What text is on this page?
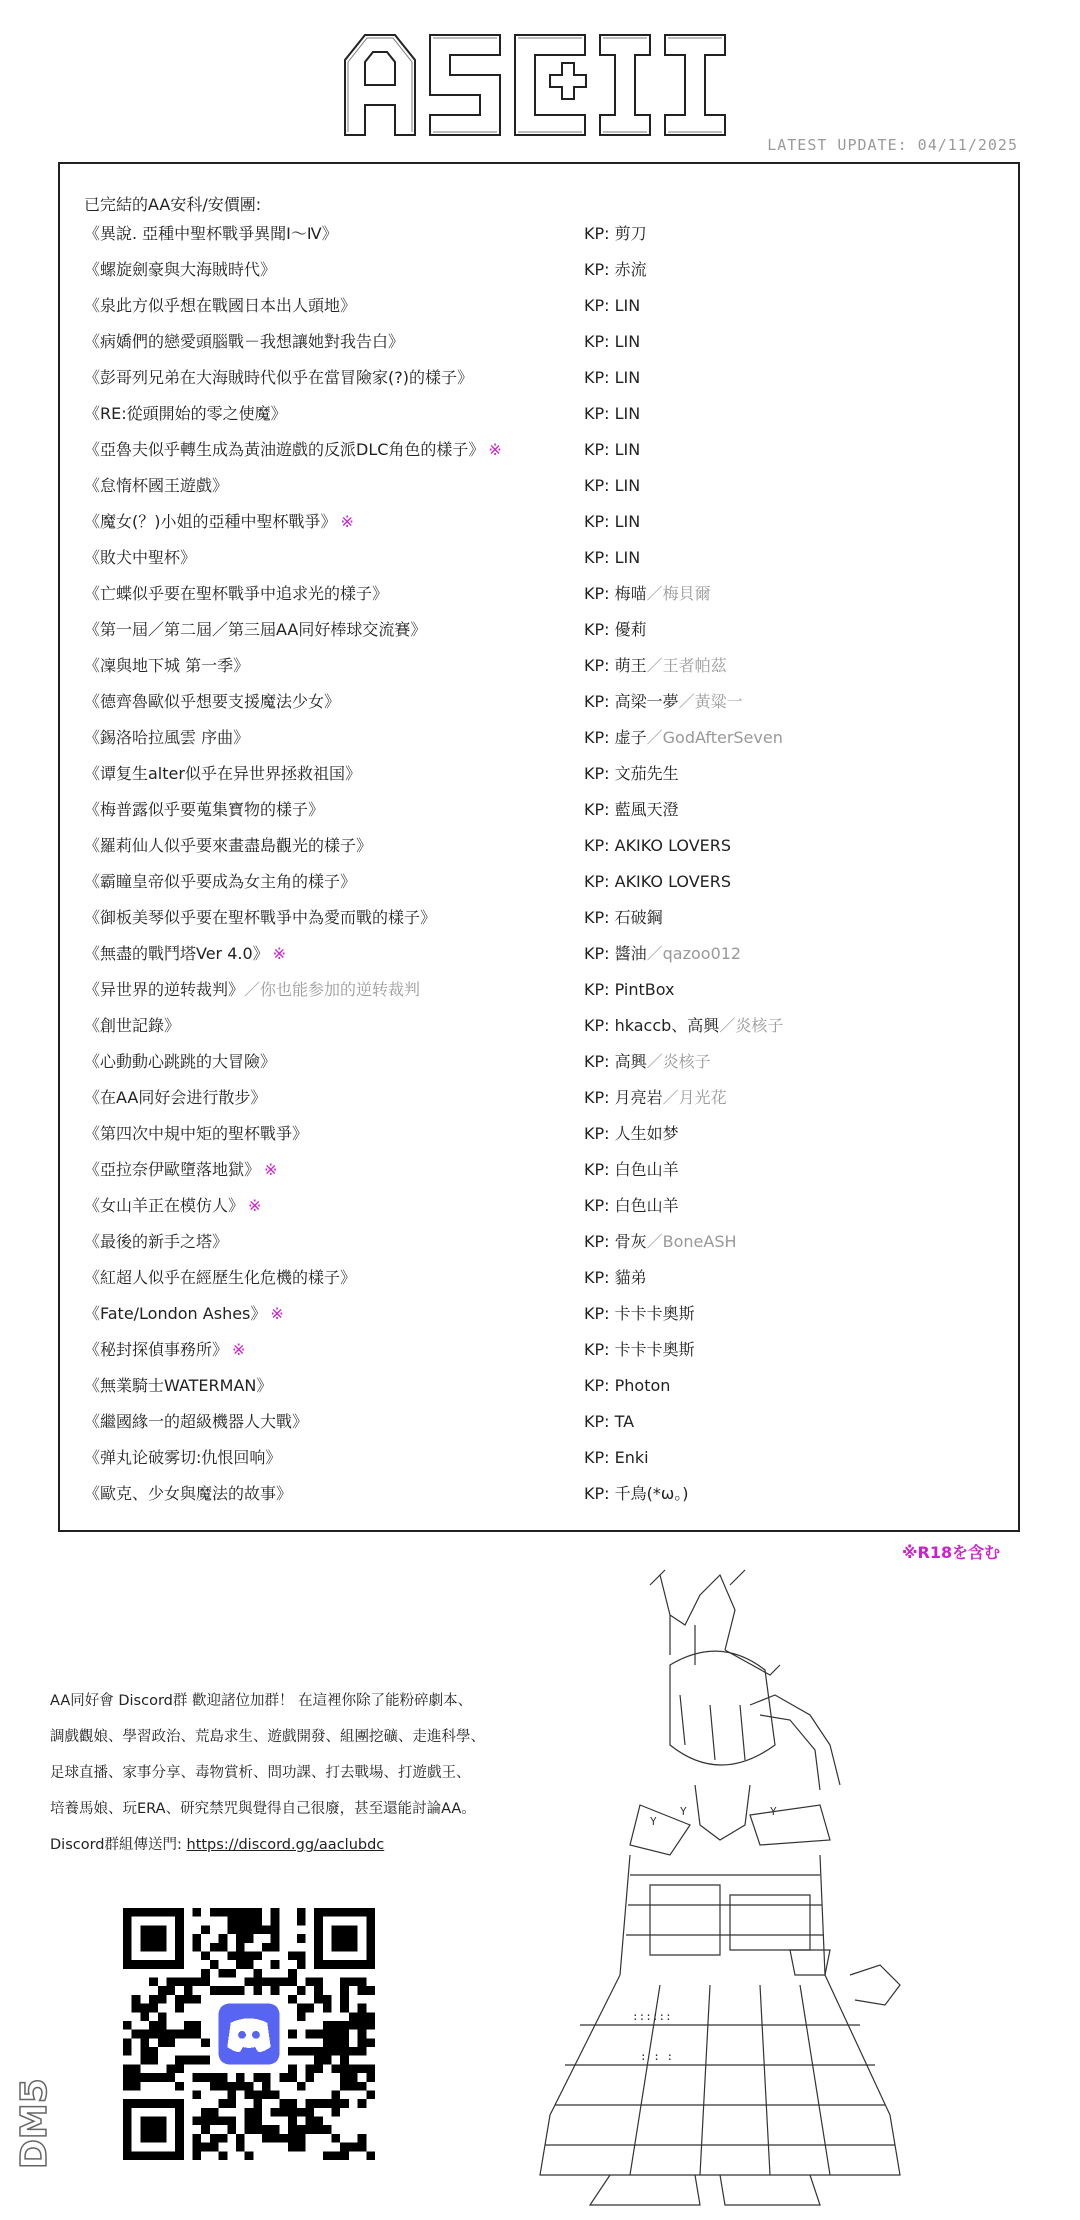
LATEST UPDATE: 04/11/2025
已完結的AA安科/安價團:
《異說. 亞種中聖杯戰爭異聞Ⅰ～Ⅳ》	KP: 剪刀
《螺旋劍豪與大海賊時代》	KP: 赤流
《泉此方似乎想在戰國日本出人頭地》	KP: LIN
《病嬌們的戀愛頭腦戰－我想讓她對我告白》	KP: LIN
《彭哥列兄弟在大海賊時代似乎在當冒險家(?)的樣子》	KP: LIN
《RE:從頭開始的零之使魔》	KP: LIN
《亞魯夫似乎轉生成為黃油遊戲的反派DLC角色的樣子》 ※	KP: LIN
《怠惰杯國王遊戲》	KP: LIN
《魔女(？)小姐的亞種中聖杯戰爭》 ※	KP: LIN
《敗犬中聖杯》	KP: LIN
《亡蝶似乎要在聖杯戰爭中追求光的樣子》	KP: 梅喵／梅貝爾
《第一屆／第二屆／第三屆AA同好棒球交流賽》	KP: 優莉
《凜與地下城 第一季》	KP: 萌王／王者帕茲
《德齊魯歐似乎想要支援魔法少女》	KP: 高梁一夢／黃粱一
《錫洛哈拉風雲 序曲》	KP: 虚子／GodAfterSeven
《谭复生alter似乎在异世界拯救祖国》	KP: 文茄先生
《梅普露似乎要蒐集寶物的樣子》	KP: 藍風天澄
《羅莉仙人似乎要來畫盡島觀光的樣子》	KP: AKIKO LOVERS
《霸瞳皇帝似乎要成為女主角的樣子》	KP: AKIKO LOVERS
《御板美琴似乎要在聖杯戰爭中為愛而戰的樣子》	KP: 石破鋼
《無盡的戰鬥塔Ver 4.0》 ※	KP: 醬油／qazoo012
《异世界的逆转裁判》／你也能参加的逆转裁判	KP: PintBox
《創世記錄》	KP: hkaccb、高興／炎核子
《心動動心跳跳的大冒險》	KP: 高興／炎核子
《在AA同好会进行散步》	KP: 月亮岩／月光花
《第四次中規中矩的聖杯戰爭》	KP: 人生如梦
《亞拉奈伊歐墮落地獄》 ※	KP: 白色山羊
《女山羊正在模仿人》 ※	KP: 白色山羊
《最後的新手之塔》	KP: 骨灰／BoneASH
《紅超人似乎在經歷生化危機的樣子》	KP: 貓弟
《Fate/London Ashes》 ※	KP: 卡卡卡奧斯
《秘封探偵事務所》 ※	KP: 卡卡卡奧斯
《無業騎士WATERMAN》	KP: Photon
《繼國緣一的超級機器人大戰》	KP: TA
《弹丸论破雾切:仇恨回响》	KP: Enki
《歐克、少女與魔法的故事》	KP: 千鳥(*ω。)
※R18を含む
AA同好會 Discord群 歡迎諸位加群！ 在這裡你除了能粉碎劇本、
調戲觀娘、學習政治、荒島求生、遊戲開發、組團挖礦、走進科學、
足球直播、家事分享、毒物賞析、問功課、打去戰場、打遊戲王、
培養馬娘、玩ERA、研究禁咒與覺得自己很廢，甚至還能討論AA。
Discord群組傳送門: https://discord.gg/aaclubdc
Y
Y	Y
::::::
: : :
DM5
